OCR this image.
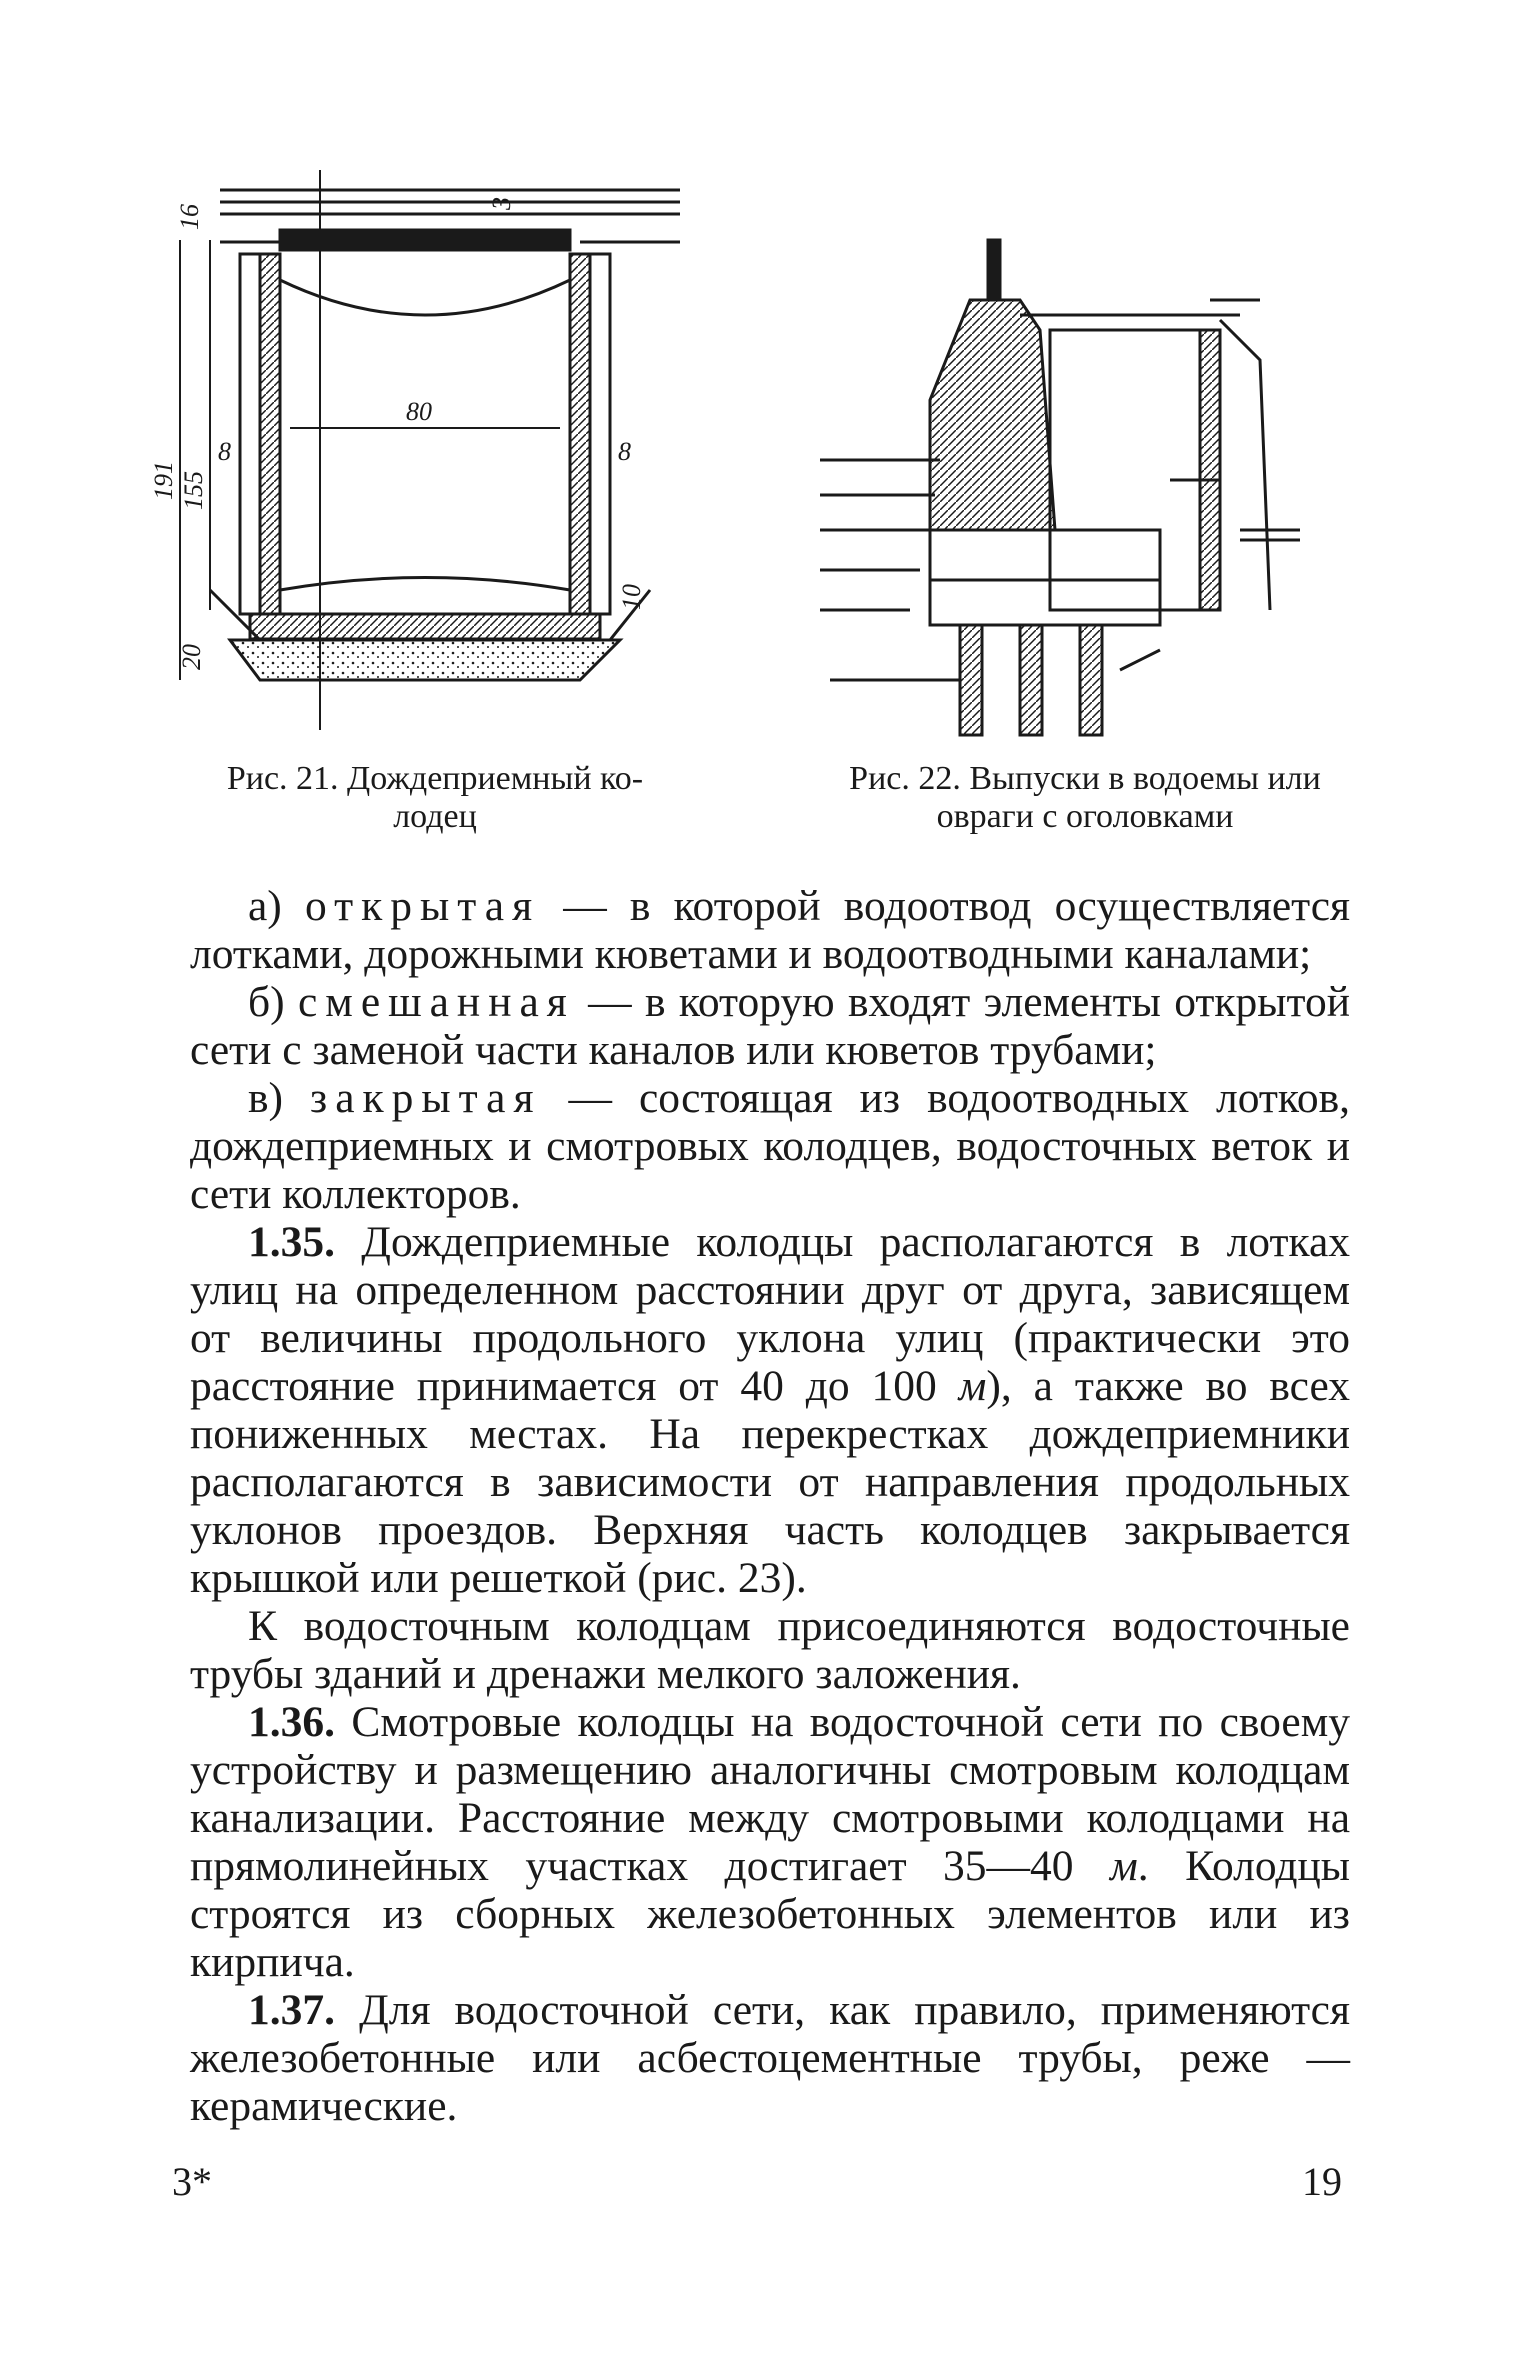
3
16
8
80
8
191 155
10
20
Рис. 21. Дождеприемный ко-
лодец
Рис. 22. Выпуски в водоемы или
овраги с оголовками

а) открытая — в которой водоотвод осуществляется лотками, дорожными кюветами и водоотводными каналами;

б) смешанная — в которую входят элементы открытой сети с заменой части каналов или кюветов трубами;

в) закрытая — состоящая из водоотводных лотков, дождеприемных и смотровых колодцев, водосточных веток и сети коллекторов.

1.35. Дождеприемные колодцы располагаются в лотках улиц на определенном расстоянии друг от друга, зависящем от величины продольного уклона улиц (практически это расстояние принимается от 40 до 100 м), а также во всех пониженных местах. На перекрестках дождеприемники располагаются в зависимости от направления продольных уклонов проездов. Верхняя часть колодцев закрывается крышкой или решеткой (рис. 23).

К водосточным колодцам присоединяются водосточные трубы зданий и дренажи мелкого заложения.

1.36. Смотровые колодцы на водосточной сети по своему устройству и размещению аналогичны смотровым колодцам канализации. Расстояние между смотровыми колодцами на прямолинейных участках достигает 35—40 м. Колодцы строятся из сборных железобетонных элементов или из кирпича.

1.37. Для водосточной сети, как правило, применяются железобетонные или асбестоцементные трубы, реже — керамические.

3*	19
